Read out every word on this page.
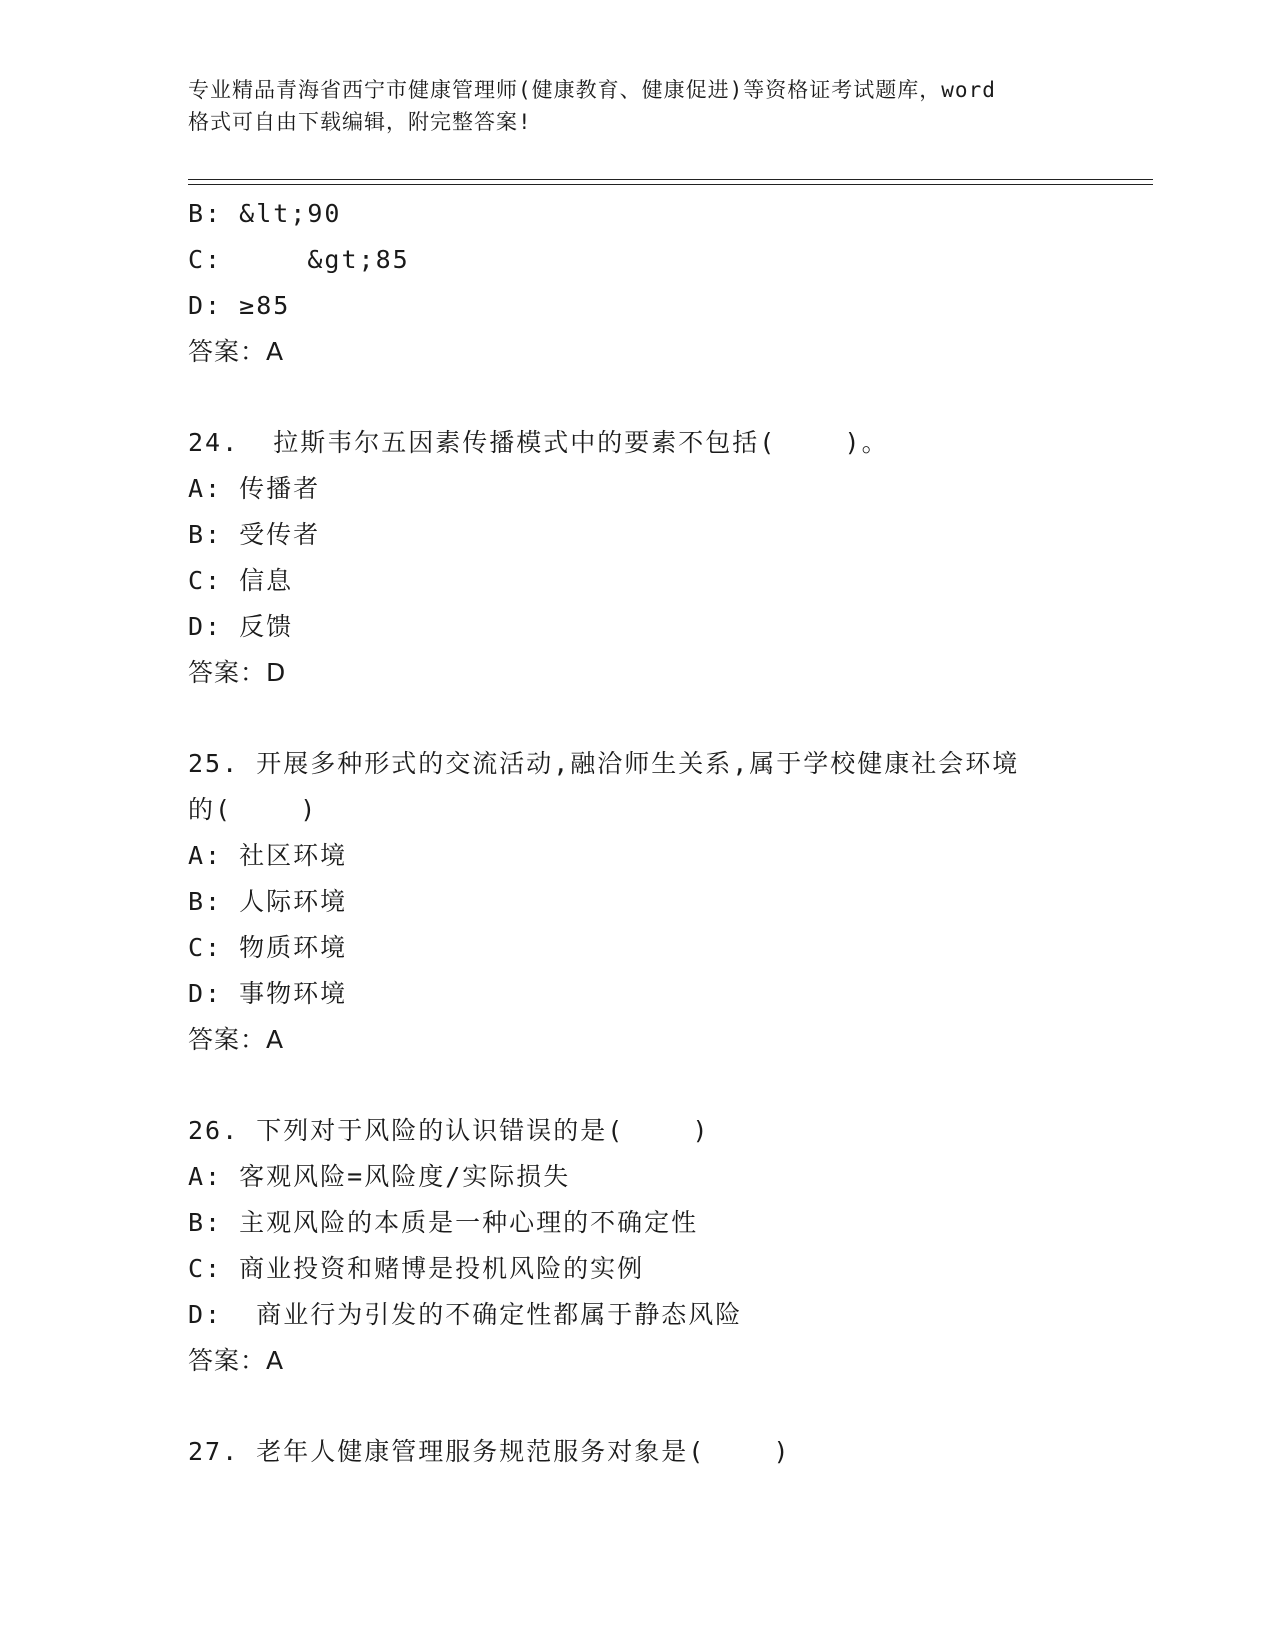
专业精品青海省西宁市健康管理师(健康教育、健康促进)等资格证考试题库，word
格式可自由下载编辑，附完整答案!
B: &lt;90
C:     &gt;85
D: ≥85
答案：A
24.  拉斯韦尔五因素传播模式中的要素不包括(    )。
A: 传播者
B: 受传者
C: 信息
D: 反馈
答案：D
25. 开展多种形式的交流活动,融洽师生关系,属于学校健康社会环境
的(    )
A: 社区环境
B: 人际环境
C: 物质环境
D: 事物环境
答案：A
26. 下列对于风险的认识错误的是(    )
A: 客观风险=风险度/实际损失
B: 主观风险的本质是一种心理的不确定性
C: 商业投资和赌博是投机风险的实例
D:  商业行为引发的不确定性都属于静态风险
答案：A
27. 老年人健康管理服务规范服务对象是(    )
